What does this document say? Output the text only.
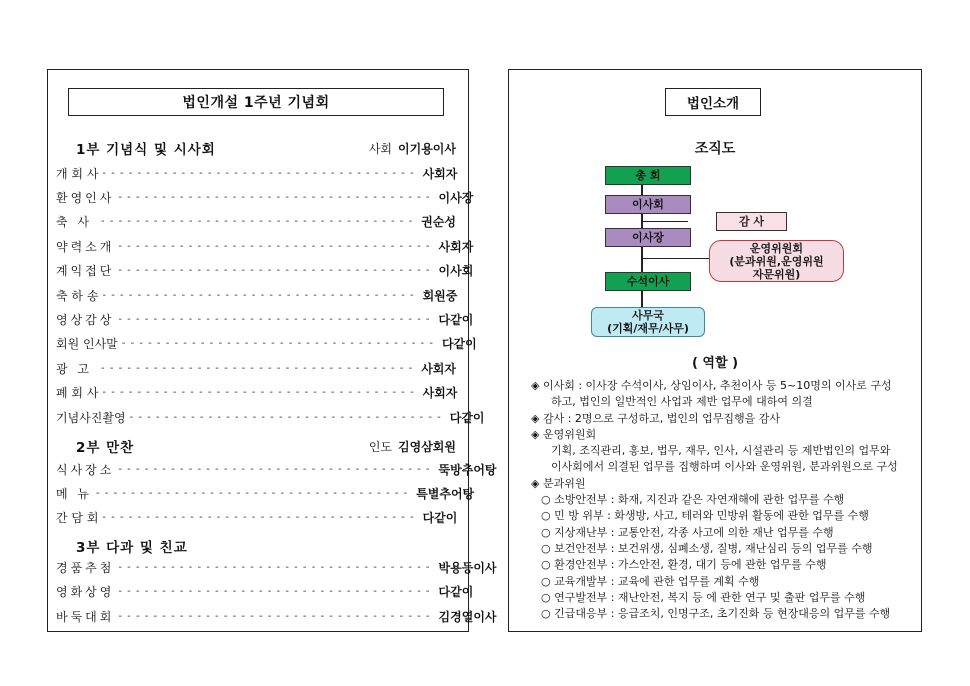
법인개설 1주년 기념회
1부 기념식 및 시사회	사회 이기용이사
개 회 사 - - - - - - - - - - - - - - - - - - - - - - - - - - - - - - - - - - - - 사회자
환영인사 - - - - - - - - - - - - - - - - - - - - - - - - - - - - - - - - - - - - 이사장
축 사 - - - - - - - - - - - - - - - - - - - - - - - - - - - - - - - - - - - - 권순성
약력소개 - - - - - - - - - - - - - - - - - - - - - - - - - - - - - - - - - - - - 사회자
계익접단 - - - - - - - - - - - - - - - - - - - - - - - - - - - - - - - - - - - - 이사회
축 하 송 - - - - - - - - - - - - - - - - - - - - - - - - - - - - - - - - - - - - 회원중
영상감상 - - - - - - - - - - - - - - - - - - - - - - - - - - - - - - - - - - - - 다같이
회원 인사말 - - - - - - - - - - - - - - - - - - - - - - - - - - - - - - - - - - - - 다같이
광 고 - - - - - - - - - - - - - - - - - - - - - - - - - - - - - - - - - - - - 사회자
폐 회 사 - - - - - - - - - - - - - - - - - - - - - - - - - - - - - - - - - - - - 사회자
기념사진촬영 - - - - - - - - - - - - - - - - - - - - - - - - - - - - - - - - - - - - 다같이
2부 만찬	인도 김영삼회원
식사장소 - - - - - - - - - - - - - - - - - - - - - - - - - - - - - - - - - - - - 뚝방추어탕
메 뉴 - - - - - - - - - - - - - - - - - - - - - - - - - - - - - - - - - - - - 특별추어탕
간 담 회 - - - - - - - - - - - - - - - - - - - - - - - - - - - - - - - - - - - - 다같이
3부 다과 및 친교
경품추첨 - - - - - - - - - - - - - - - - - - - - - - - - - - - - - - - - - - - - 박용등이사
영화상영 - - - - - - - - - - - - - - - - - - - - - - - - - - - - - - - - - - - - 다같이
바둑대회 - - - - - - - - - - - - - - - - - - - - - - - - - - - - - - - - - - - - 김경열이사
법인소개
조직도
총 회
이사회
감 사
이사장
운영위원회
(분과위원,운영위원
자문위원)
수석이사
사무국
(기획/재무/사무)
( 역할 )
◈ 이사회 : 이사장 수석이사, 상임이사, 추천이사 등 5~10명의 이사로 구성
하고, 법인의 일반적인 사업과 제반 업무에 대하여 의결
◈ 감사 : 2명으로 구성하고, 법인의 업무집행을 감사
◈ 운영위원회
기획, 조직관리, 홍보, 법무, 재무, 인사, 시설관리 등 제반법인의 업무와
이사회에서 의결된 업무를 집행하며 이사와 운영위원, 분과위원으로 구성
◈ 분과위원
○ 소방안전부 : 화재, 지진과 같은 자연재해에 관한 업무를 수행
○ 민 방 위부 : 화생방, 사고, 테러와 민방위 활동에 관한 업무를 수행
○ 지상재난부 : 교통안전, 각종 사고에 의한 재난 업무를 수행
○ 보건안전부 : 보건위생, 심폐소생, 질병, 재난심리 등의 업무를 수행
○ 환경안전부 : 가스안전, 환경, 대기 등에 관한 업무를 수행
○ 교육개발부 : 교육에 관한 업무를 계획 수행
○ 연구발전부 : 재난안전, 복지 등 에 관한 연구 및 출판 업무를 수행
○ 긴급대응부 : 응급조치, 인명구조, 초기진화 등 현장대응의 업무를 수행
